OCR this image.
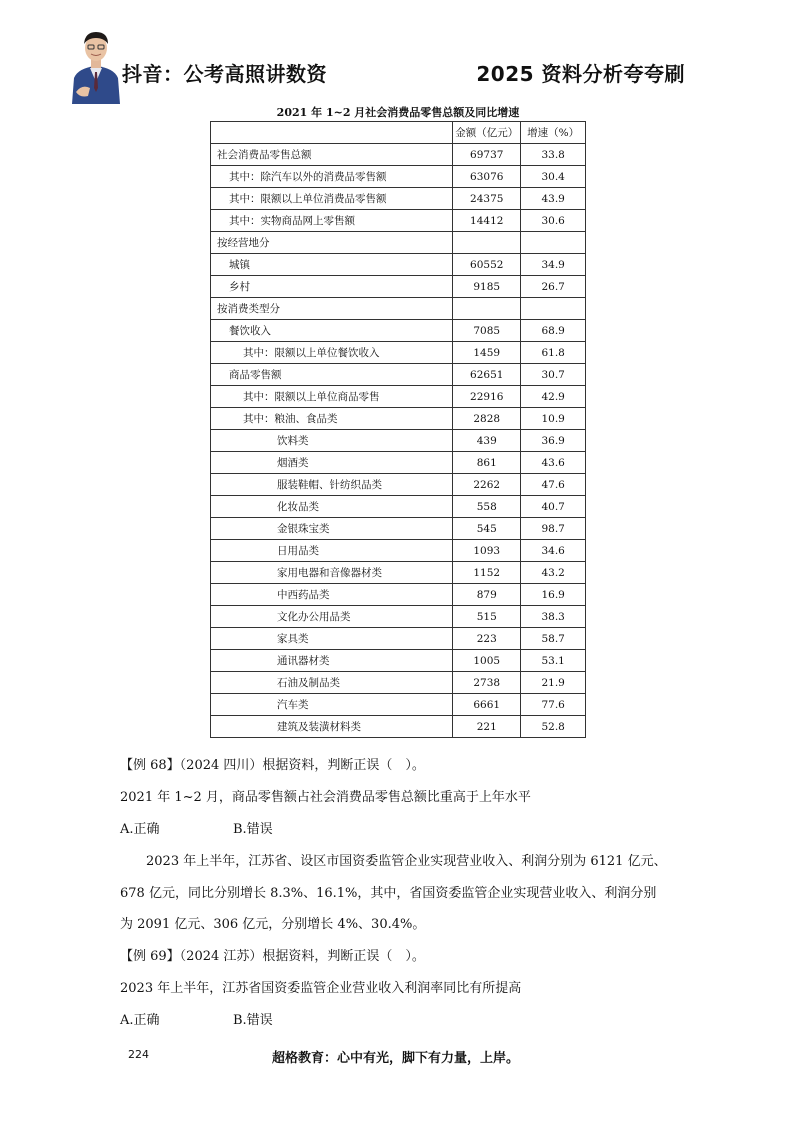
抖音：公考高照讲数资	2025 资料分析夸夸刷
2021 年 1~2 月社会消费品零售总额及同比增速
	金额（亿元）	增速（%）
社会消费品零售总额	69737	33.8
其中：除汽车以外的消费品零售额	63076	30.4
其中：限额以上单位消费品零售额	24375	43.9
其中：实物商品网上零售额	14412	30.6
按经营地分		
城镇	60552	34.9
乡村	9185	26.7
按消费类型分		
餐饮收入	7085	68.9
其中：限额以上单位餐饮收入	1459	61.8
商品零售额	62651	30.7
其中：限额以上单位商品零售	22916	42.9
其中：粮油、食品类	2828	10.9
饮料类	439	36.9
烟酒类	861	43.6
服装鞋帽、针纺织品类	2262	47.6
化妆品类	558	40.7
金银珠宝类	545	98.7
日用品类	1093	34.6
家用电器和音像器材类	1152	43.2
中西药品类	879	16.9
文化办公用品类	515	38.3
家具类	223	58.7
通讯器材类	1005	53.1
石油及制品类	2738	21.9
汽车类	6661	77.6
建筑及装潢材料类	221	52.8
【例 68】（2024 四川）根据资料，判断正误（　）。
2021 年 1~2 月，商品零售额占社会消费品零售总额比重高于上年水平
A.正确	B.错误
2023 年上半年，江苏省、设区市国资委监管企业实现营业收入、利润分别为 6121 亿元、
678 亿元，同比分别增长 8.3%、16.1%，其中，省国资委监管企业实现营业收入、利润分别
为 2091 亿元、306 亿元，分别增长 4%、30.4%。
【例 69】（2024 江苏）根据资料，判断正误（　）。
2023 年上半年，江苏省国资委监管企业营业收入利润率同比有所提高
A.正确	B.错误
224	超格教育：心中有光，脚下有力量，上岸。
